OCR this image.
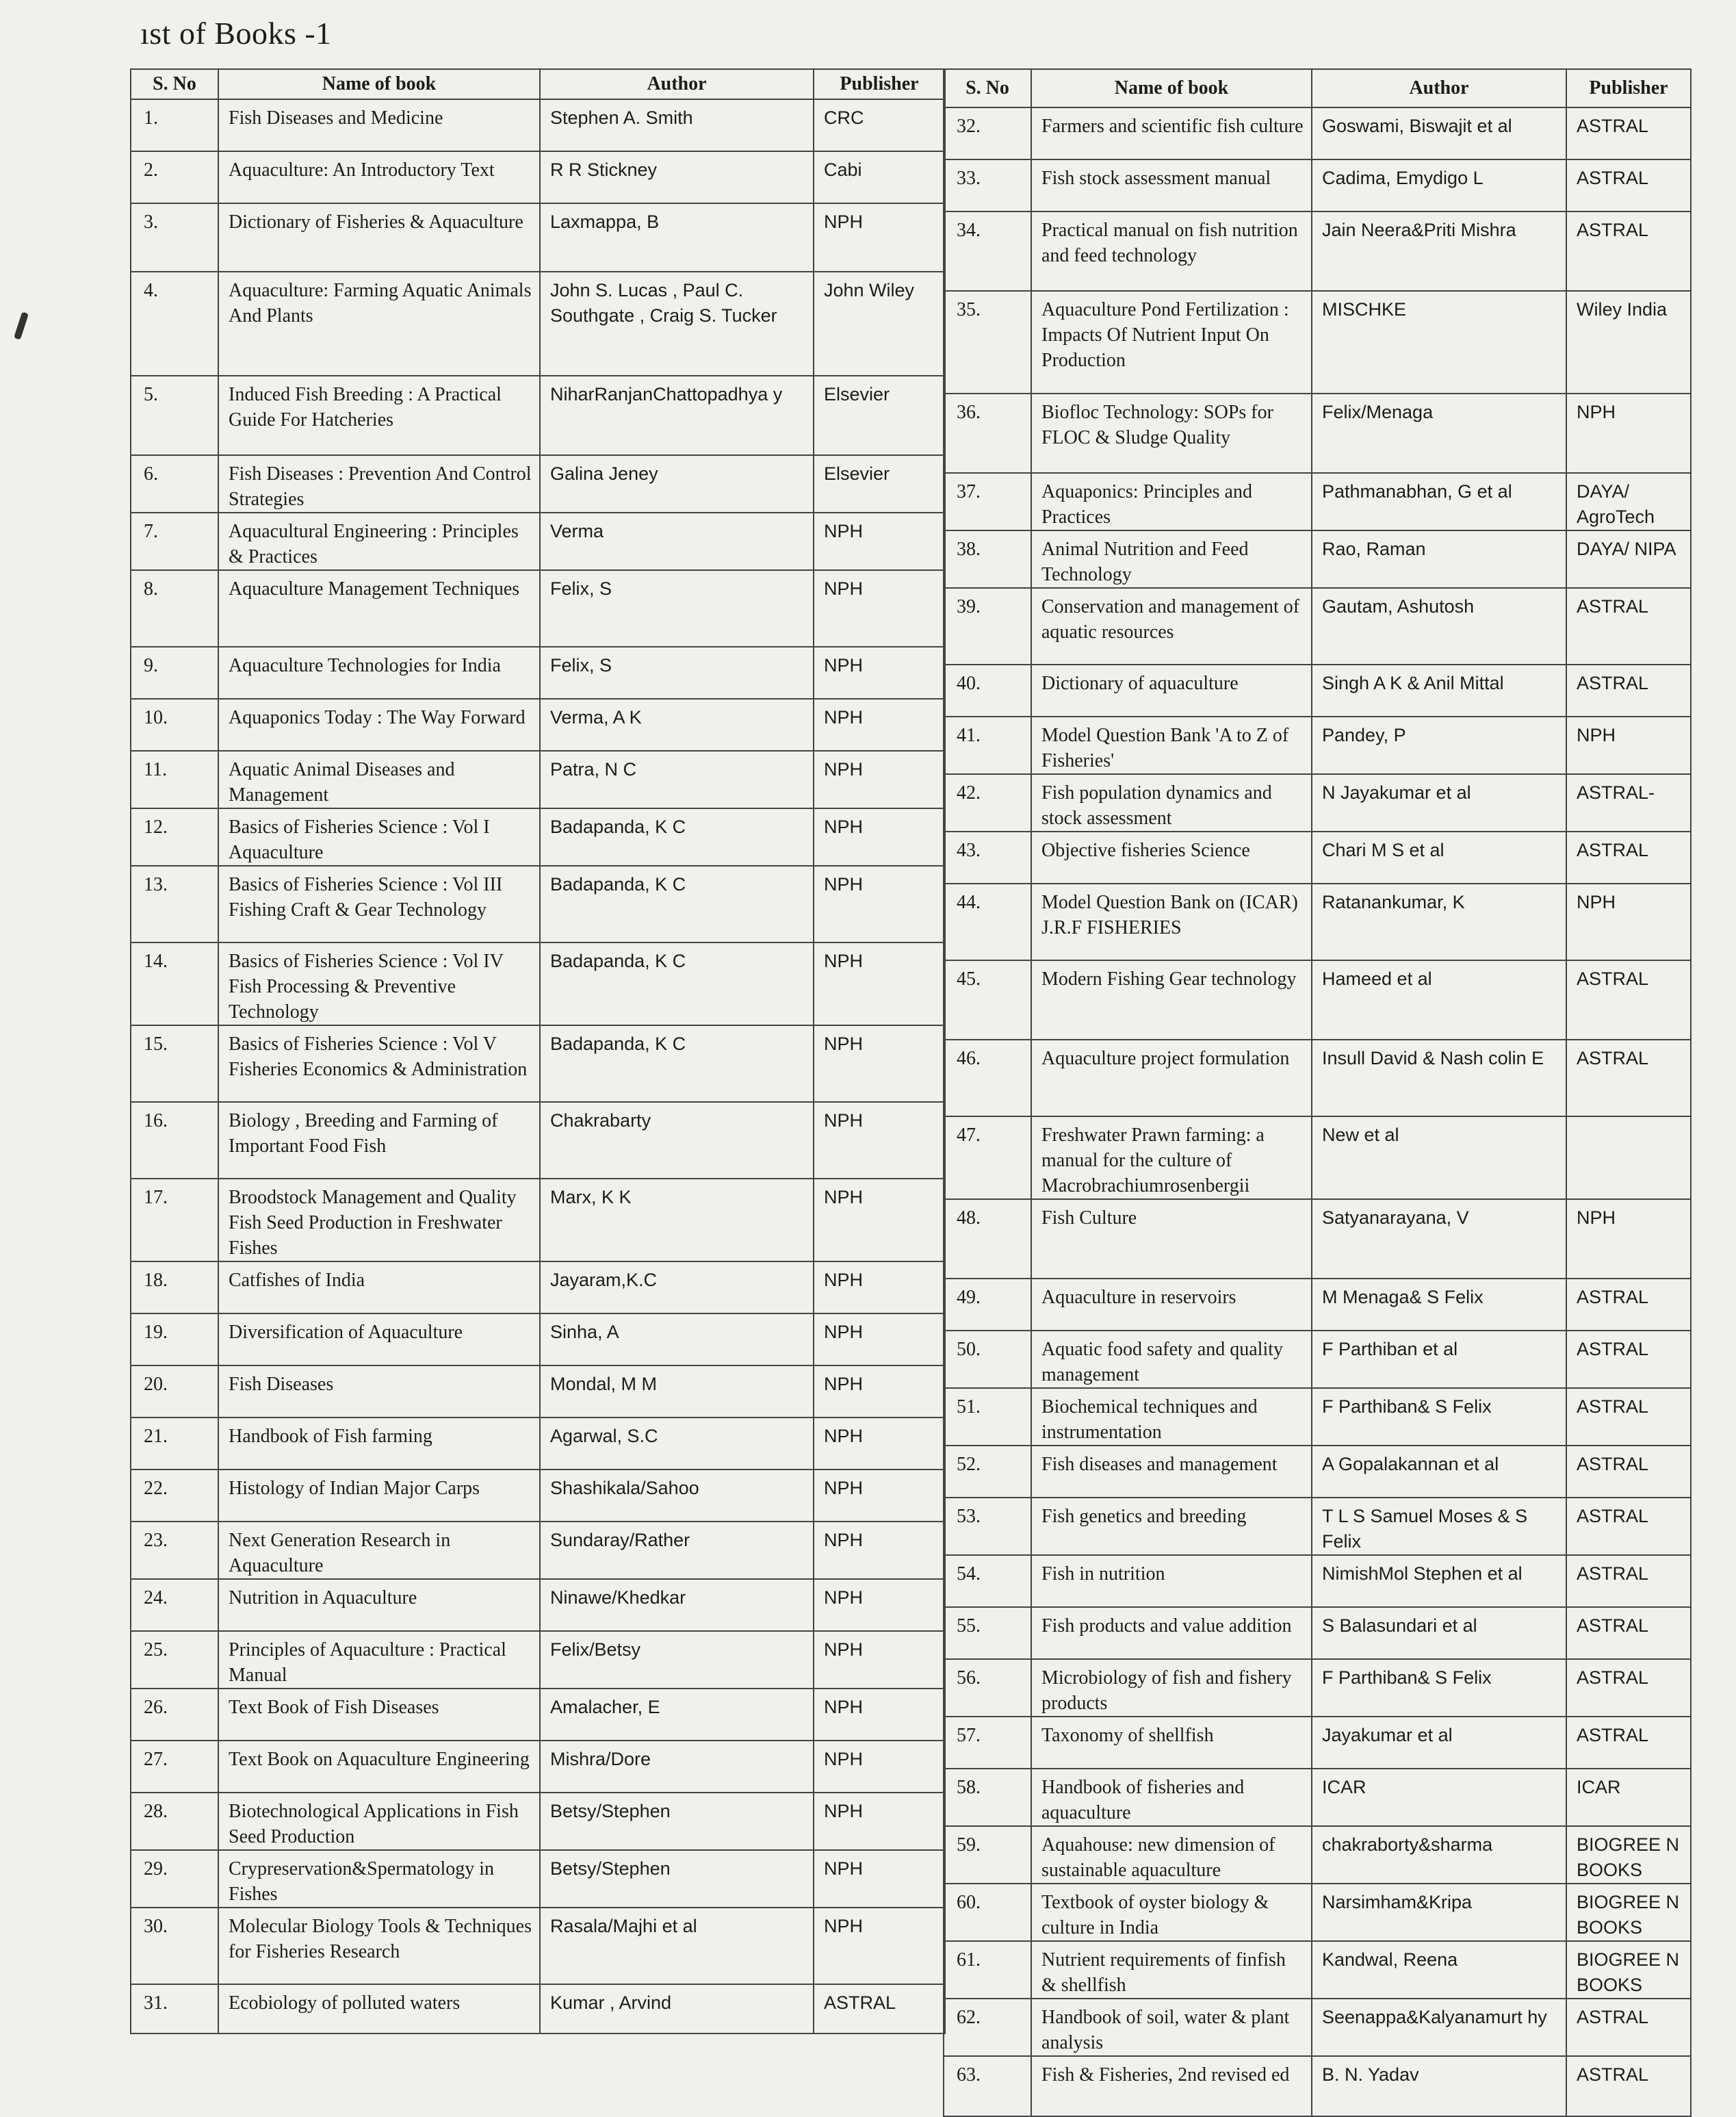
ıst of Books -1
S. No	Name of book	Author	Publisher
1.	Fish Diseases and Medicine	Stephen A. Smith	CRC
2.	Aquaculture: An Introductory Text	R R Stickney	Cabi
3.	Dictionary of Fisheries & Aquaculture	Laxmappa, B	NPH
4.	Aquaculture: Farming Aquatic Animals And Plants	John S. Lucas , Paul C. Southgate , Craig S. Tucker	John Wiley
5.	Induced Fish Breeding : A Practical Guide For Hatcheries	NiharRanjanChattopadhya y	Elsevier
6.	Fish Diseases : Prevention And Control Strategies	Galina Jeney	Elsevier
7.	Aquacultural Engineering : Principles & Practices	Verma	NPH
8.	Aquaculture Management Techniques	Felix, S	NPH
9.	Aquaculture Technologies for India	Felix, S	NPH
10.	Aquaponics Today : The Way Forward	Verma, A K	NPH
11.	Aquatic Animal Diseases and Management	Patra, N C	NPH
12.	Basics of Fisheries Science : Vol I Aquaculture	Badapanda, K C	NPH
13.	Basics of Fisheries Science : Vol III Fishing Craft & Gear Technology	Badapanda, K C	NPH
14.	Basics of Fisheries Science : Vol IV Fish Processing & Preventive Technology	Badapanda, K C	NPH
15.	Basics of Fisheries Science : Vol V Fisheries Economics & Administration	Badapanda, K C	NPH
16.	Biology , Breeding and Farming of Important Food Fish	Chakrabarty	NPH
17.	Broodstock Management and Quality Fish Seed Production in Freshwater Fishes	Marx, K K	NPH
18.	Catfishes of India	Jayaram,K.C	NPH
19.	Diversification of Aquaculture	Sinha, A	NPH
20.	Fish Diseases	Mondal, M M	NPH
21.	Handbook of Fish farming	Agarwal, S.C	NPH
22.	Histology of Indian Major Carps	Shashikala/Sahoo	NPH
23.	Next Generation Research in Aquaculture	Sundaray/Rather	NPH
24.	Nutrition in Aquaculture	Ninawe/Khedkar	NPH
25.	Principles of Aquaculture : Practical Manual	Felix/Betsy	NPH
26.	Text Book of Fish Diseases	Amalacher, E	NPH
27.	Text Book on Aquaculture Engineering	Mishra/Dore	NPH
28.	Biotechnological Applications in Fish Seed Production	Betsy/Stephen	NPH
29.	Crypreservation&Spermatology in Fishes	Betsy/Stephen	NPH
30.	Molecular Biology Tools & Techniques for Fisheries Research	Rasala/Majhi et al	NPH
31.	Ecobiology of polluted waters	Kumar , Arvind	ASTRAL
S. No	Name of book	Author	Publisher
32.	Farmers and scientific fish culture	Goswami, Biswajit et al	ASTRAL
33.	Fish stock assessment manual	Cadima, Emydigo L	ASTRAL
34.	Practical manual on fish nutrition and feed technology	Jain Neera&Priti Mishra	ASTRAL
35.	Aquaculture Pond Fertilization : Impacts Of Nutrient Input On Production	MISCHKE	Wiley India
36.	Biofloc Technology: SOPs for FLOC & Sludge Quality	Felix/Menaga	NPH
37.	Aquaponics: Principles and Practices	Pathmanabhan, G et al	DAYA/ AgroTech
38.	Animal Nutrition and Feed Technology	Rao, Raman	DAYA/ NIPA
39.	Conservation and management of aquatic resources	Gautam, Ashutosh	ASTRAL
40.	Dictionary of aquaculture	Singh A K & Anil Mittal	ASTRAL
41.	Model Question Bank 'A to Z of Fisheries'	Pandey, P	NPH
42.	Fish population dynamics and stock assessment	N Jayakumar et al	ASTRAL-
43.	Objective fisheries Science	Chari M S et al	ASTRAL
44.	Model Question Bank on (ICAR) J.R.F FISHERIES	Ratanankumar, K	NPH
45.	Modern Fishing Gear technology	Hameed et al	ASTRAL
46.	Aquaculture project formulation	Insull David & Nash colin E	ASTRAL
47.	Freshwater Prawn farming: a manual for the culture of Macrobrachiumrosenbergii	New et al	
48.	Fish Culture	Satyanarayana, V	NPH
49.	Aquaculture in reservoirs	M Menaga& S Felix	ASTRAL
50.	Aquatic food safety and quality management	F Parthiban et al	ASTRAL
51.	Biochemical techniques and instrumentation	F Parthiban& S Felix	ASTRAL
52.	Fish diseases and management	A Gopalakannan et al	ASTRAL
53.	Fish genetics and breeding	T L S Samuel Moses & S Felix	ASTRAL
54.	Fish in nutrition	NimishMol Stephen et al	ASTRAL
55.	Fish products and value addition	S Balasundari et al	ASTRAL
56.	Microbiology of fish and fishery products	F Parthiban& S Felix	ASTRAL
57.	Taxonomy of shellfish	Jayakumar et al	ASTRAL
58.	Handbook of fisheries and aquaculture	ICAR	ICAR
59.	Aquahouse: new dimension of sustainable aquaculture	chakraborty&sharma	BIOGREE N BOOKS
60.	Textbook of oyster biology & culture in India	Narsimham&Kripa	BIOGREE N BOOKS
61.	Nutrient requirements of finfish & shellfish	Kandwal, Reena	BIOGREE N BOOKS
62.	Handbook of soil, water & plant analysis	Seenappa&Kalyanamurt hy	ASTRAL
63.	Fish & Fisheries, 2nd revised ed	B. N. Yadav	ASTRAL
